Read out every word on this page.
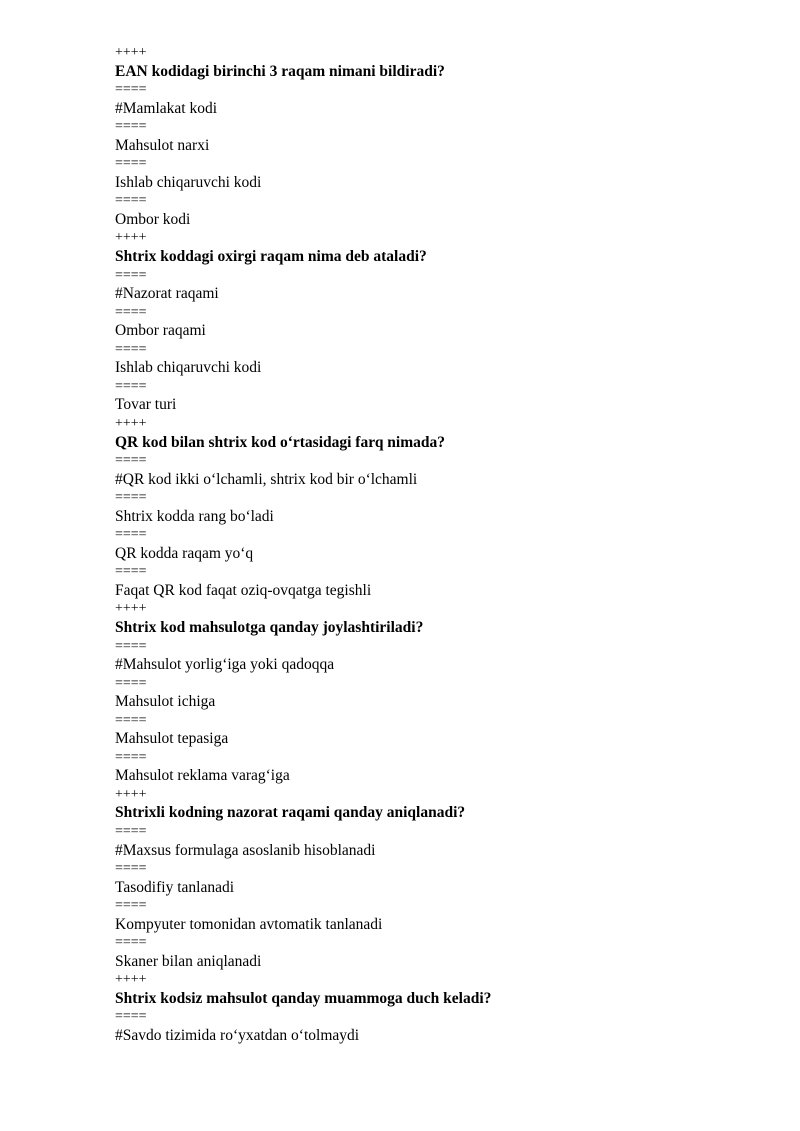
++++
EAN kodidagi birinchi 3 raqam nimani bildiradi?
====
#Mamlakat kodi
====
Mahsulot narxi
====
Ishlab chiqaruvchi kodi
====
Ombor kodi
++++
Shtrix koddagi oxirgi raqam nima deb ataladi?
====
#Nazorat raqami
====
Ombor raqami
====
Ishlab chiqaruvchi kodi
====
Tovar turi
++++
QR kod bilan shtrix kod o‘rtasidagi farq nimada?
====
#QR kod ikki o‘lchamli, shtrix kod bir o‘lchamli
====
Shtrix kodda rang bo‘ladi
====
QR kodda raqam yo‘q
====
Faqat QR kod faqat oziq-ovqatga tegishli
++++
Shtrix kod mahsulotga qanday joylashtiriladi?
====
#Mahsulot yorlig‘iga yoki qadoqqa
====
Mahsulot ichiga
====
Mahsulot tepasiga
====
Mahsulot reklama varag‘iga
++++
Shtrixli kodning nazorat raqami qanday aniqlanadi?
====
#Maxsus formulaga asoslanib hisoblanadi
====
Tasodifiy tanlanadi
====
Kompyuter tomonidan avtomatik tanlanadi
====
Skaner bilan aniqlanadi
++++
Shtrix kodsiz mahsulot qanday muammoga duch keladi?
====
#Savdo tizimida ro‘yxatdan o‘tolmaydi
